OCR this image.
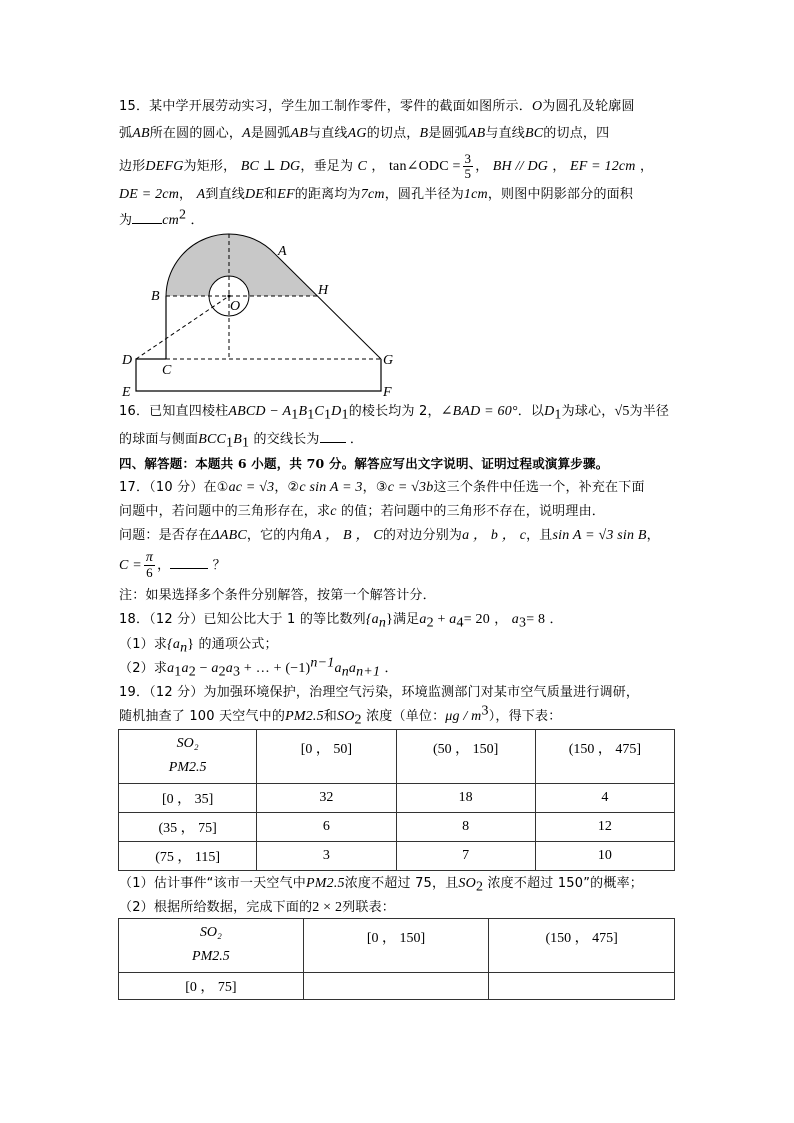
15．某中学开展劳动实习，学生加工制作零件，零件的截面如图所示．O为圆孔及轮廓圆
弧AB所在圆的圆心，A是圆弧AB与直线AG的切点，B是圆弧AB与直线BC的切点，四
边形DEFG为矩形， BC ⊥ DG，垂足为 C ， tan∠ODC = $\frac{3}{5}$ ， BH // DG ， EF = 12cm ，
DE = 2cm， A到直线DE和EF的距离均为7cm，圆孔半径为1cm，则图中阴影部分的面积
为 $cm^2$ ．
A
B	H
O
D
C
G
E	F
16．已知直四棱柱ABCD − $A_1B_1C_1D_1$的棱长均为 2，∠BAD = 60°．以$D_1$为球心，√5为半径
的球面与侧面$BCC_1B_1$ 的交线长为 ．
四、解答题：本题共 6 小题，共 70 分。解答应写出文字说明、证明过程或演算步骤。
17．（10 分）在①ac = √3，②c sin A = 3，③c = √3b这三个条件中任选一个，补充在下面
问题中，若问题中的三角形存在，求c 的值；若问题中的三角形不存在，说明理由．
问题：是否存在ΔABC，它的内角A ， B ， C的对边分别为a ， b ， c，且sin A = √3 sin B，
$C = \frac{\pi}{6}$ ，	？
注：如果选择多个条件分别解答，按第一个解答计分．
18．（12 分）已知公比大于 1 的等比数列$\{a_n\}$满足$a_2 + a_4= 20$ ， $a_3= 8$ ．
（1）求$\{a_n\}$ 的通项公式；
（2）求$a_1a_2 - a_2a_3$ + … + $(-1)^{n-1}a_na_{n+1}$ ．
19．（12 分）为加强环境保护，治理空气污染，环境监测部门对某市空气质量进行调研，
随机抽查了 100 天空气中的PM2.5和$SO_2$ 浓度（单位：μg / $m^3$），得下表：
SO₂
PM2.5	[0 ， 50]	(50 ， 150]	(150 ， 475]

[0 ， 35]	32	18	4
(35 ， 75]	6	8	12
(75 ， 115]	3	7	10
（1）估计事件“该市一天空气中PM2.5浓度不超过 75，且$SO_2$ 浓度不超过 150”的概率；
（2）根据所给数据，完成下面的2 × 2列联表：
SO₂
PM2.5	[0 ， 150]	(150 ， 475]

[0 ， 75]		
